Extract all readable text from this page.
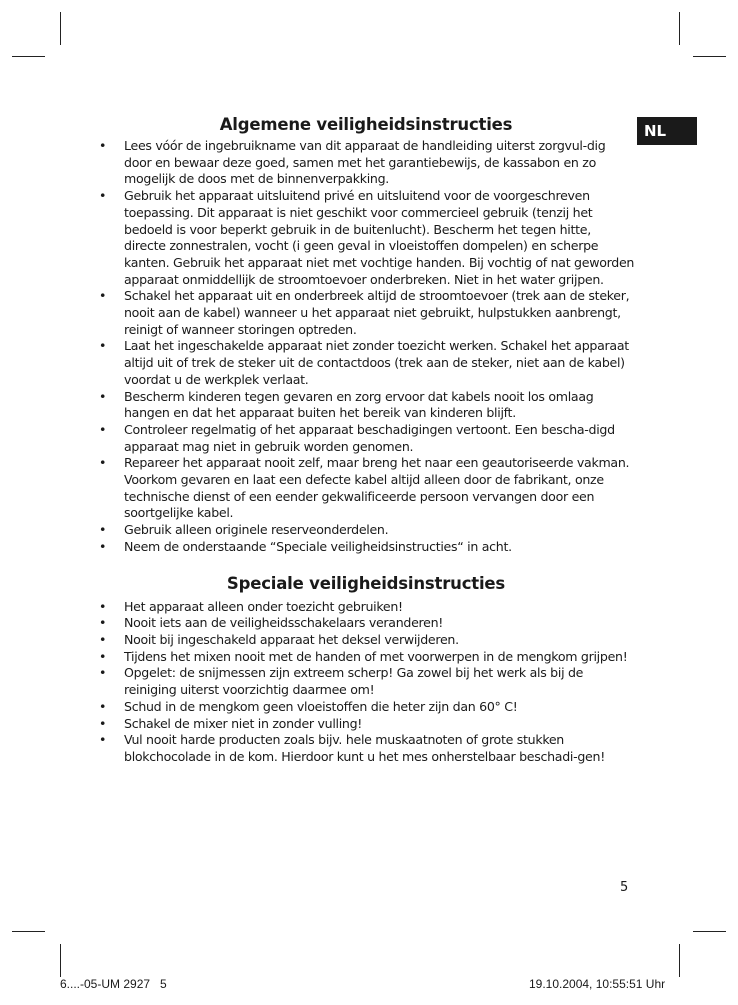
NL
Algemene veiligheidsinstructies
• Lees vóór de ingebruikname van dit apparaat de handleiding uiterst zorgvul-dig door en bewaar deze goed, samen met het garantiebewijs, de kassabon en zo mogelijk de doos met de binnenverpakking.
• Gebruik het apparaat uitsluitend privé en uitsluitend voor de voorgeschreven toepassing. Dit apparaat is niet geschikt voor commercieel gebruik (tenzij het bedoeld is voor beperkt gebruik in de buitenlucht). Bescherm het tegen hitte, directe zonnestralen, vocht (i geen geval in vloeistoffen dompelen) en scherpe kanten. Gebruik het apparaat niet met vochtige handen. Bij vochtig of nat geworden apparaat onmiddellijk de stroomtoevoer onderbreken. Niet in het water grijpen.
• Schakel het apparaat uit en onderbreek altijd de stroomtoevoer (trek aan de steker, nooit aan de kabel) wanneer u het apparaat niet gebruikt, hulpstukken aanbrengt, reinigt of wanneer storingen optreden.
• Laat het ingeschakelde apparaat niet zonder toezicht werken. Schakel het apparaat altijd uit of trek de steker uit de contactdoos (trek aan de steker, niet aan de kabel) voordat u de werkplek verlaat.
• Bescherm kinderen tegen gevaren en zorg ervoor dat kabels nooit los omlaag hangen en dat het apparaat buiten het bereik van kinderen blijft.
• Controleer regelmatig of het apparaat beschadigingen vertoont. Een bescha-digd apparaat mag niet in gebruik worden genomen.
• Repareer het apparaat nooit zelf, maar breng het naar een geautoriseerde vakman. Voorkom gevaren en laat een defecte kabel altijd alleen door de fabrikant, onze technische dienst of een eender gekwalificeerde persoon vervangen door een soortgelijke kabel.
• Gebruik alleen originele reserveonderdelen.
• Neem de onderstaande “Speciale veiligheidsinstructies“ in acht.
Speciale veiligheidsinstructies
• Het apparaat alleen onder toezicht gebruiken!
• Nooit iets aan de veiligheidsschakelaars veranderen!
• Nooit bij ingeschakeld apparaat het deksel verwijderen.
• Tijdens het mixen nooit met de handen of met voorwerpen in de mengkom grijpen!
• Opgelet: de snijmessen zijn extreem scherp! Ga zowel bij het werk als bij de reiniging uiterst voorzichtig daarmee om!
• Schud in de mengkom geen vloeistoffen die heter zijn dan 60° C!
• Schakel de mixer niet in zonder vulling!
• Vul nooit harde producten zoals bijv. hele muskaatnoten of grote stukken blokchocolade in de kom. Hierdoor kunt u het mes onherstelbaar beschadi-gen!
5
6....-05-UM 2927   5	19.10.2004, 10:55:51 Uhr
